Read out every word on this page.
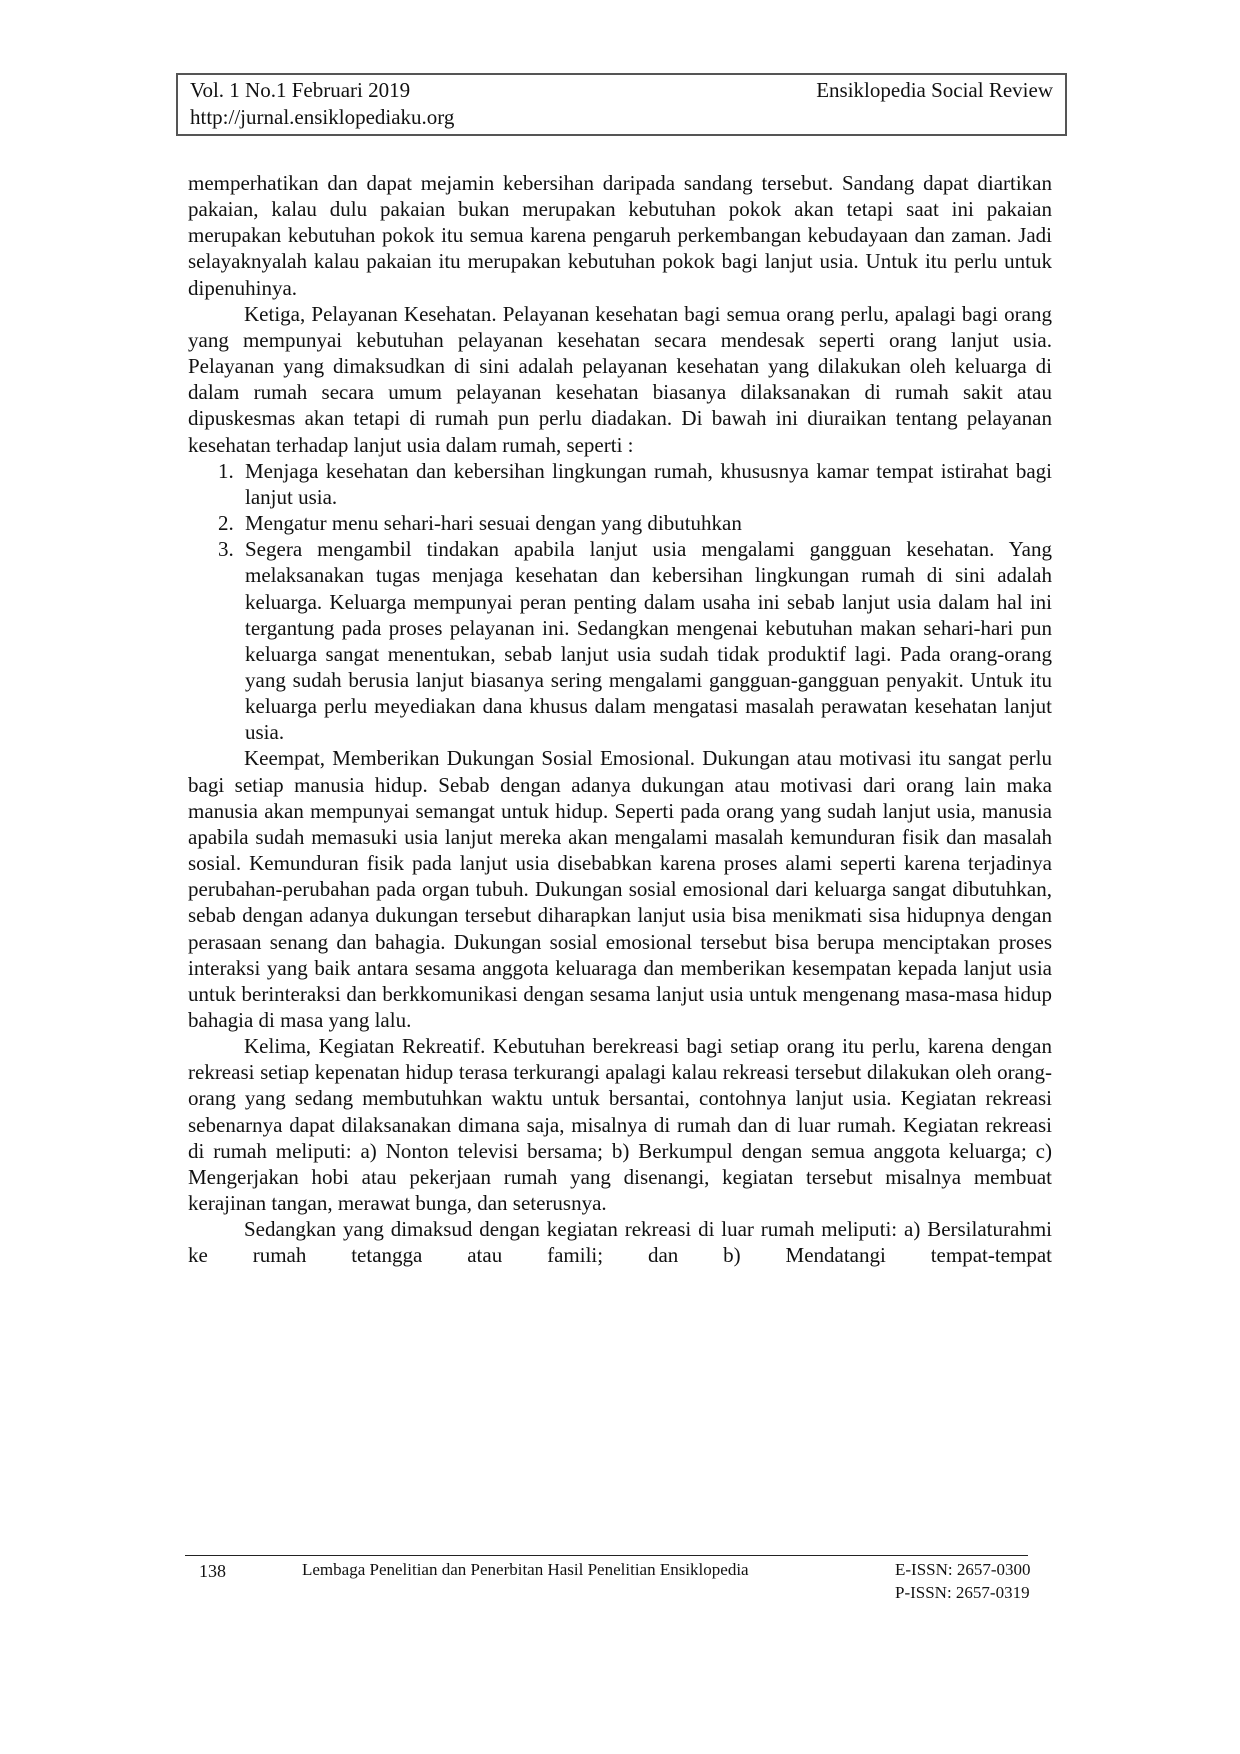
Vol. 1 No.1 Februari 2019	Ensiklopedia Social Review
http://jurnal.ensiklopediaku.org

memperhatikan dan dapat mejamin kebersihan daripada sandang tersebut. Sandang dapat diartikan pakaian, kalau dulu pakaian bukan merupakan kebutuhan pokok akan tetapi saat ini pakaian merupakan kebutuhan pokok itu semua karena pengaruh perkembangan kebudayaan dan zaman. Jadi selayaknyalah kalau pakaian itu merupakan kebutuhan pokok bagi lanjut usia. Untuk itu perlu untuk dipenuhinya.

Ketiga, Pelayanan Kesehatan. Pelayanan kesehatan bagi semua orang perlu, apalagi bagi orang yang mempunyai kebutuhan pelayanan kesehatan secara mendesak seperti orang lanjut usia. Pelayanan yang dimaksudkan di sini adalah pelayanan kesehatan yang dilakukan oleh keluarga di dalam rumah secara umum pelayanan kesehatan biasanya dilaksanakan di rumah sakit atau dipuskesmas akan tetapi di rumah pun perlu diadakan. Di bawah ini diuraikan tentang pelayanan kesehatan terhadap lanjut usia dalam rumah, seperti :

1. Menjaga kesehatan dan kebersihan lingkungan rumah, khususnya kamar tempat istirahat bagi lanjut usia.
2. Mengatur menu sehari-hari sesuai dengan yang dibutuhkan
3. Segera mengambil tindakan apabila lanjut usia mengalami gangguan kesehatan. Yang melaksanakan tugas menjaga kesehatan dan kebersihan lingkungan rumah di sini adalah keluarga. Keluarga mempunyai peran penting dalam usaha ini sebab lanjut usia dalam hal ini tergantung pada proses pelayanan ini. Sedangkan mengenai kebutuhan makan sehari-hari pun keluarga sangat menentukan, sebab lanjut usia sudah tidak produktif lagi. Pada orang-orang yang sudah berusia lanjut biasanya sering mengalami gangguan-gangguan penyakit. Untuk itu keluarga perlu meyediakan dana khusus dalam mengatasi masalah perawatan kesehatan lanjut usia.

Keempat, Memberikan Dukungan Sosial Emosional. Dukungan atau motivasi itu sangat perlu bagi setiap manusia hidup. Sebab dengan adanya dukungan atau motivasi dari orang lain maka manusia akan mempunyai semangat untuk hidup. Seperti pada orang yang sudah lanjut usia, manusia apabila sudah memasuki usia lanjut mereka akan mengalami masalah kemunduran fisik dan masalah sosial. Kemunduran fisik pada lanjut usia disebabkan karena proses alami seperti karena terjadinya perubahan-perubahan pada organ tubuh. Dukungan sosial emosional dari keluarga sangat dibutuhkan, sebab dengan adanya dukungan tersebut diharapkan lanjut usia bisa menikmati sisa hidupnya dengan perasaan senang dan bahagia. Dukungan sosial emosional tersebut bisa berupa menciptakan proses interaksi yang baik antara sesama anggota keluaraga dan memberikan kesempatan kepada lanjut usia untuk berinteraksi dan berkkomunikasi dengan sesama lanjut usia untuk mengenang masa-masa hidup bahagia di masa yang lalu.

Kelima, Kegiatan Rekreatif. Kebutuhan berekreasi bagi setiap orang itu perlu, karena dengan rekreasi setiap kepenatan hidup terasa terkurangi apalagi kalau rekreasi tersebut dilakukan oleh orang-orang yang sedang membutuhkan waktu untuk bersantai, contohnya lanjut usia. Kegiatan rekreasi sebenarnya dapat dilaksanakan dimana saja, misalnya di rumah dan di luar rumah. Kegiatan rekreasi di rumah meliputi: a) Nonton televisi bersama; b) Berkumpul dengan semua anggota keluarga; c) Mengerjakan hobi atau pekerjaan rumah yang disenangi, kegiatan tersebut misalnya membuat kerajinan tangan, merawat bunga, dan seterusnya.

Sedangkan yang dimaksud dengan kegiatan rekreasi di luar rumah meliputi: a) Bersilaturahmi ke rumah tetangga atau famili; dan b) Mendatangi tempat-tempat

138	Lembaga Penelitian dan Penerbitan Hasil Penelitian Ensiklopedia	E-ISSN: 2657-0300
P-ISSN: 2657-0319
